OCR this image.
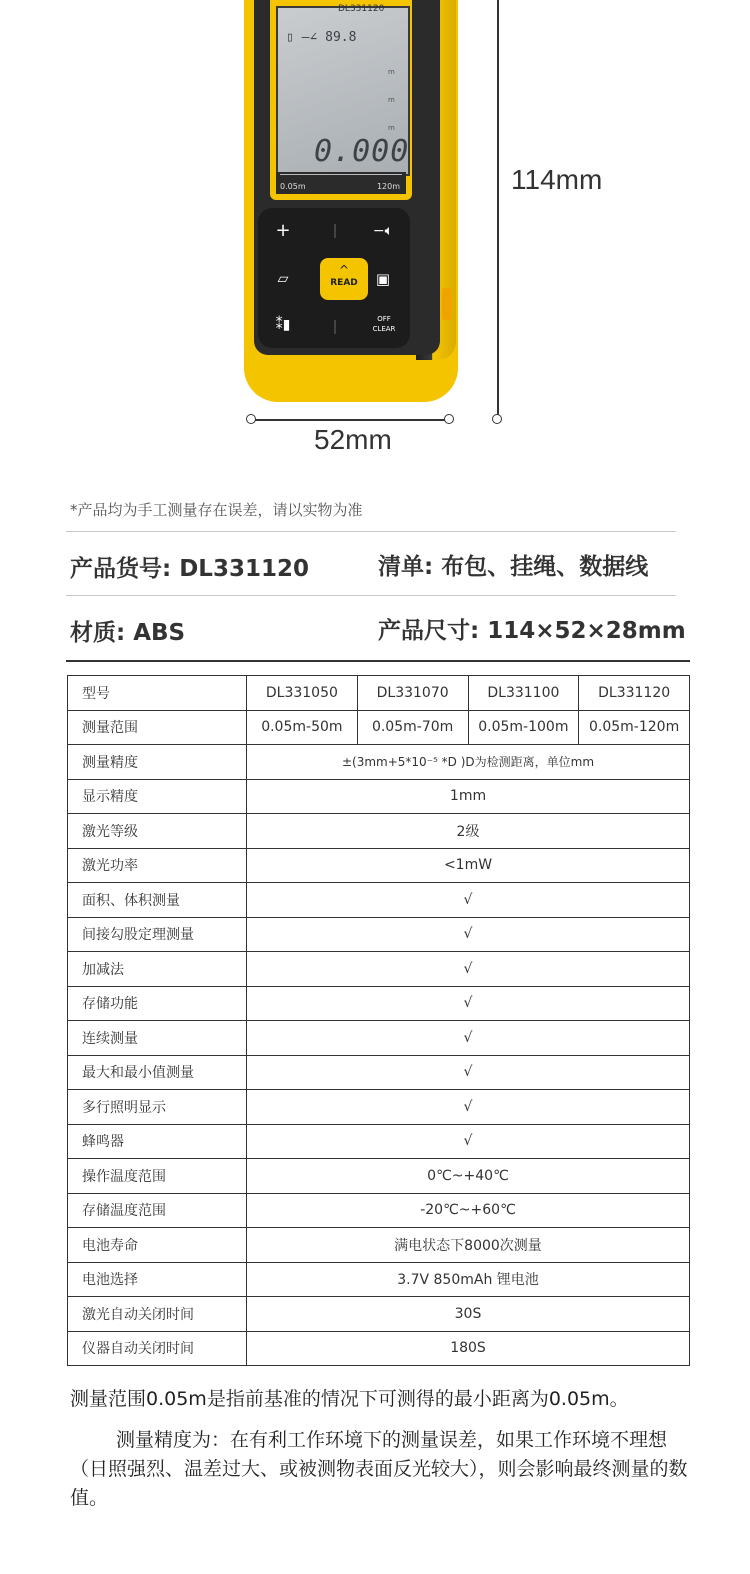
DL331120
▯ —∠ 89.8
m
m
m
0.000
0.05m	120m
+	−🔈︎
▱
^
READ	▣
⁑▮	OFF
CLEAR
114mm
52mm
*产品均为手工测量存在误差，请以实物为准
产品货号: DL331120	清单: 布包、挂绳、数据线
材质: ABS	产品尺寸: 114×52×28mm
型号	DL331050	DL331070	DL331100	DL331120
测量范围	0.05m-50m	0.05m-70m	0.05m-100m	0.05m-120m
测量精度	±(3mm+5*10⁻⁵ *D )D为检测距离，单位mm			
显示精度	1mm			
激光等级	2级			
激光功率	<1mW			
面积、体积测量	√			
间接勾股定理测量	√			
加减法	√			
存储功能	√			
连续测量	√			
最大和最小值测量	√			
多行照明显示	√			
蜂鸣器	√			
操作温度范围	0℃~+40℃			
存储温度范围	-20℃~+60℃			
电池寿命	满电状态下8000次测量			
电池选择	3.7V 850mAh 锂电池			
激光自动关闭时间	30S			
仪器自动关闭时间	180S			
测量范围0.05m是指前基准的情况下可测得的最小距离为0.05m。
测量精度为：在有利工作环境下的测量误差，如果工作环境不理想（日照强烈、温差过大、或被测物表面反光较大），则会影响最终测量的数值。
